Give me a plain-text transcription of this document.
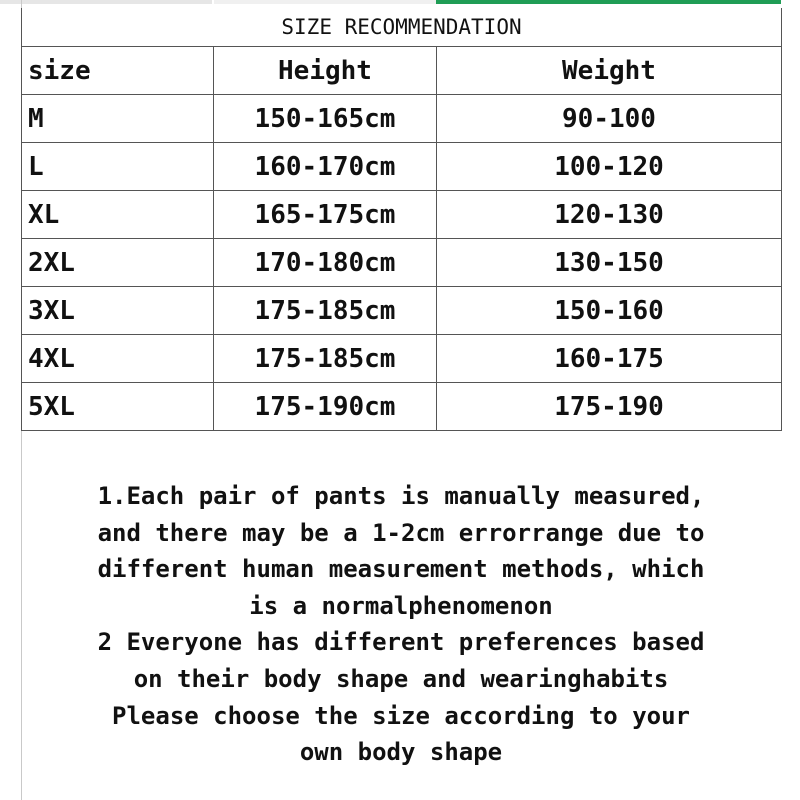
SIZE RECOMMENDATION		
size	Height	Weight
M	150-165cm	90-100
L	160-170cm	100-120
XL	165-175cm	120-130
2XL	170-180cm	130-150
3XL	175-185cm	150-160
4XL	175-185cm	160-175
5XL	175-190cm	175-190

1.Each pair of pants is manually measured,

and there may be a 1-2cm errorrange due to

different human measurement methods, which

is a normalphenomenon

2 Everyone has different preferences based

on their body shape and wearinghabits

Please choose the size according to your

own body shape
